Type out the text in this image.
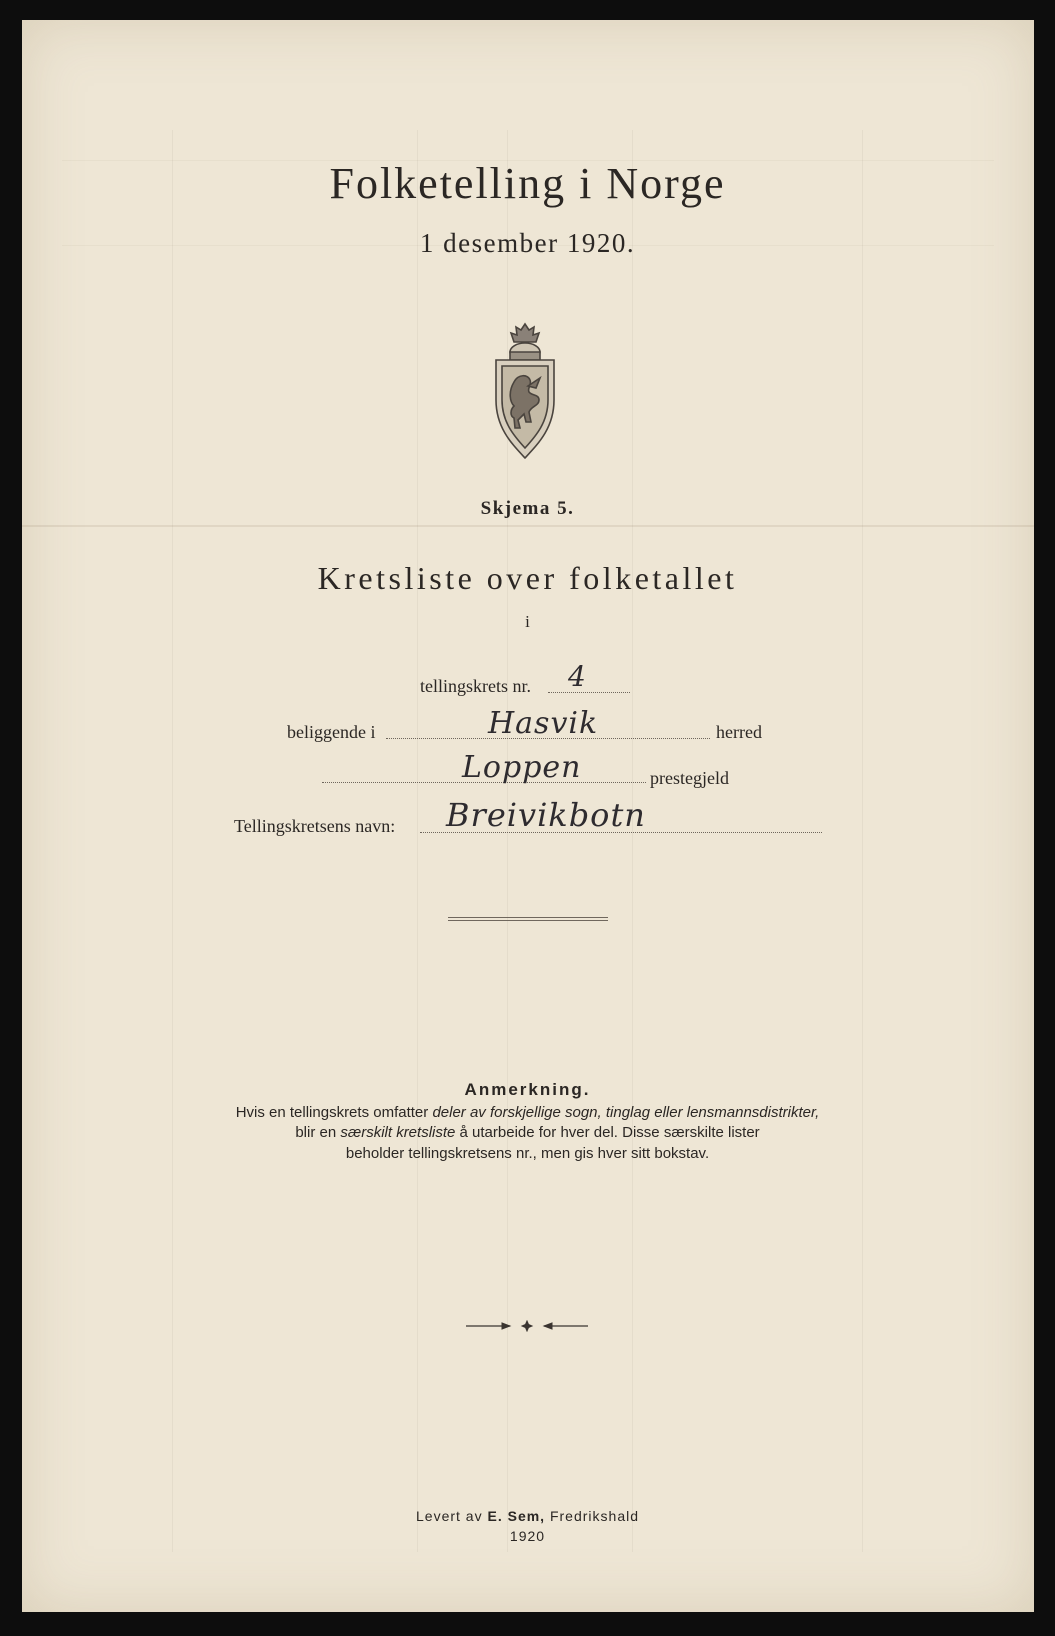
Folketelling i Norge
1 desember 1920.
Skjema 5.
Kretsliste over folketallet
i
tellingskrets nr. 4
beliggende i	Hasvik	herred
Loppen	prestegjeld
Tellingskretsens navn: Breivikbotn
Anmerkning.
Hvis en tellingskrets omfatter deler av forskjellige sogn, tinglag eller lensmannsdistrikter,
blir en særskilt kretsliste å utarbeide for hver del. Disse særskilte lister
beholder tellingskretsens nr., men gis hver sitt bokstav.
Levert av E. Sem, Fredrikshald
1920
